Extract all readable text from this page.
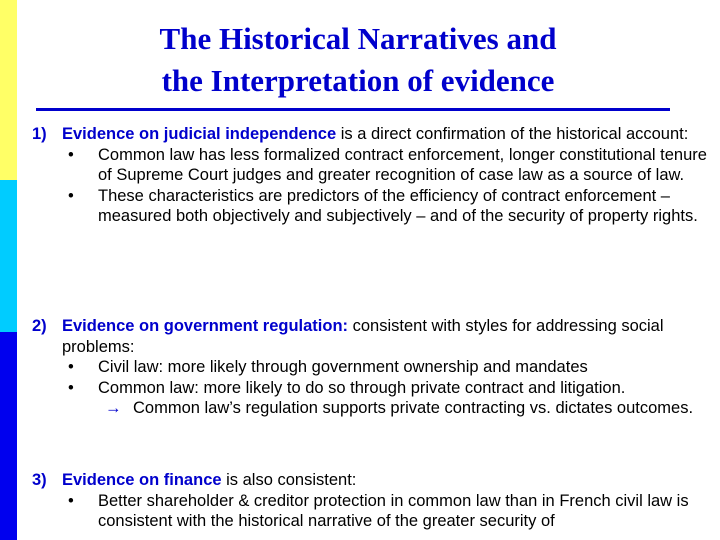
The Historical Narratives and
the Interpretation of evidence
1) Evidence on judicial independence is a direct confirmation of the historical account:
• Common law has less formalized contract enforcement, longer constitutional tenure of Supreme Court judges and greater recognition of case law as a source of law.
• These characteristics are predictors of the efficiency of contract enforcement – measured both objectively and subjectively – and of the security of property rights.
2) Evidence on government regulation: consistent with styles for addressing social problems:
• Civil law: more likely through government ownership and mandates
• Common law: more likely to do so through private contract and litigation.
→ Common law’s regulation supports private contracting vs. dictates outcomes.
3) Evidence on finance is also consistent:
• Better shareholder & creditor protection in common law than in French civil law is consistent with the historical narrative of the greater security of
